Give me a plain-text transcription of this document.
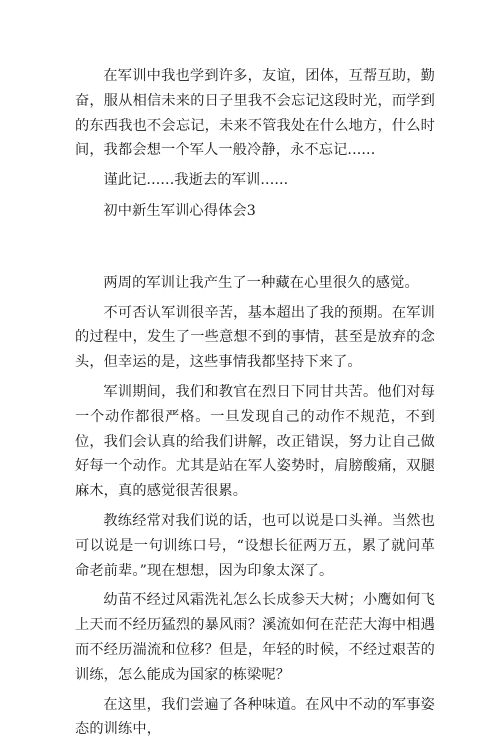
在军训中我也学到许多，友谊，团体，互帮互助，勤奋，服从相信未来的日子里我不会忘记这段时光，而学到的东西我也不会忘记，未来不管我处在什么地方，什么时间，我都会想一个军人一般冷静，永不忘记......

谨此记......我逝去的军训......

初中新生军训心得体会3

两周的军训让我产生了一种藏在心里很久的感觉。

不可否认军训很辛苦，基本超出了我的预期。在军训的过程中，发生了一些意想不到的事情，甚至是放弃的念头，但幸运的是，这些事情我都坚持下来了。

军训期间，我们和教官在烈日下同甘共苦。他们对每一个动作都很严格。一旦发现自己的动作不规范，不到位，我们会认真的给我们讲解，改正错误，努力让自己做好每一个动作。尤其是站在军人姿势时，肩膀酸痛，双腿麻木，真的感觉很苦很累。

教练经常对我们说的话，也可以说是口头禅。当然也可以说是一句训练口号，“设想长征两万五，累了就问革命老前辈。”现在想想，因为印象太深了。

幼苗不经过风霜洗礼怎么长成参天大树；小鹰如何飞上天而不经历猛烈的暴风雨？溪流如何在茫茫大海中相遇而不经历湍流和位移？但是，年轻的时候，不经过艰苦的训练，怎么能成为国家的栋梁呢？

在这里，我们尝遍了各种味道。在风中不动的军事姿态的训练中，
